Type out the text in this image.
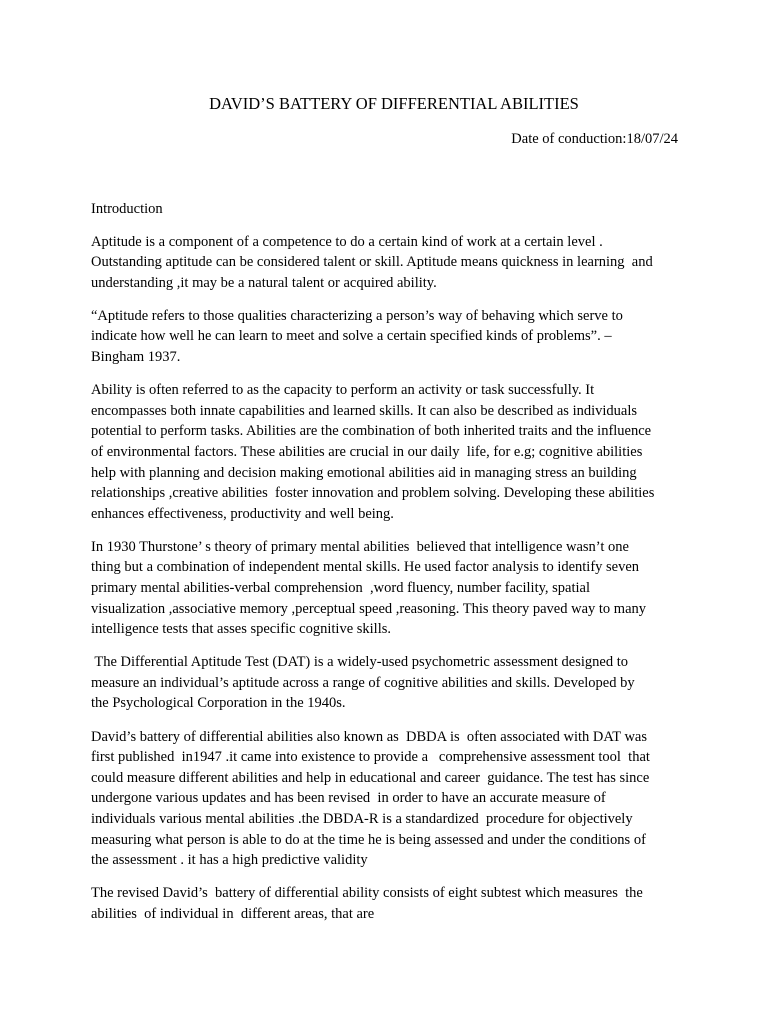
DAVID’S BATTERY OF DIFFERENTIAL ABILITIES
Date of conduction:18/07/24
Introduction
Aptitude is a component of a competence to do a certain kind of work at a certain level .
Outstanding aptitude can be considered talent or skill. Aptitude means quickness in learning  and
understanding ,it may be a natural talent or acquired ability.
“Aptitude refers to those qualities characterizing a person’s way of behaving which serve to
indicate how well he can learn to meet and solve a certain specified kinds of problems”. –
Bingham 1937.
Ability is often referred to as the capacity to perform an activity or task successfully. It
encompasses both innate capabilities and learned skills. It can also be described as individuals
potential to perform tasks. Abilities are the combination of both inherited traits and the influence
of environmental factors. These abilities are crucial in our daily  life, for e.g; cognitive abilities
help with planning and decision making emotional abilities aid in managing stress an building
relationships ,creative abilities  foster innovation and problem solving. Developing these abilities
enhances effectiveness, productivity and well being.
In 1930 Thurstone’ s theory of primary mental abilities  believed that intelligence wasn’t one
thing but a combination of independent mental skills. He used factor analysis to identify seven
primary mental abilities-verbal comprehension  ,word fluency, number facility, spatial
visualization ,associative memory ,perceptual speed ,reasoning. This theory paved way to many
intelligence tests that asses specific cognitive skills.
The Differential Aptitude Test (DAT) is a widely-used psychometric assessment designed to
measure an individual’s aptitude across a range of cognitive abilities and skills. Developed by
the Psychological Corporation in the 1940s.
David’s battery of differential abilities also known as  DBDA is  often associated with DAT was
first published  in1947 .it came into existence to provide a   comprehensive assessment tool  that
could measure different abilities and help in educational and career  guidance. The test has since
undergone various updates and has been revised  in order to have an accurate measure of
individuals various mental abilities .the DBDA-R is a standardized  procedure for objectively
measuring what person is able to do at the time he is being assessed and under the conditions of
the assessment . it has a high predictive validity
The revised David’s  battery of differential ability consists of eight subtest which measures  the
abilities  of individual in  different areas, that are
